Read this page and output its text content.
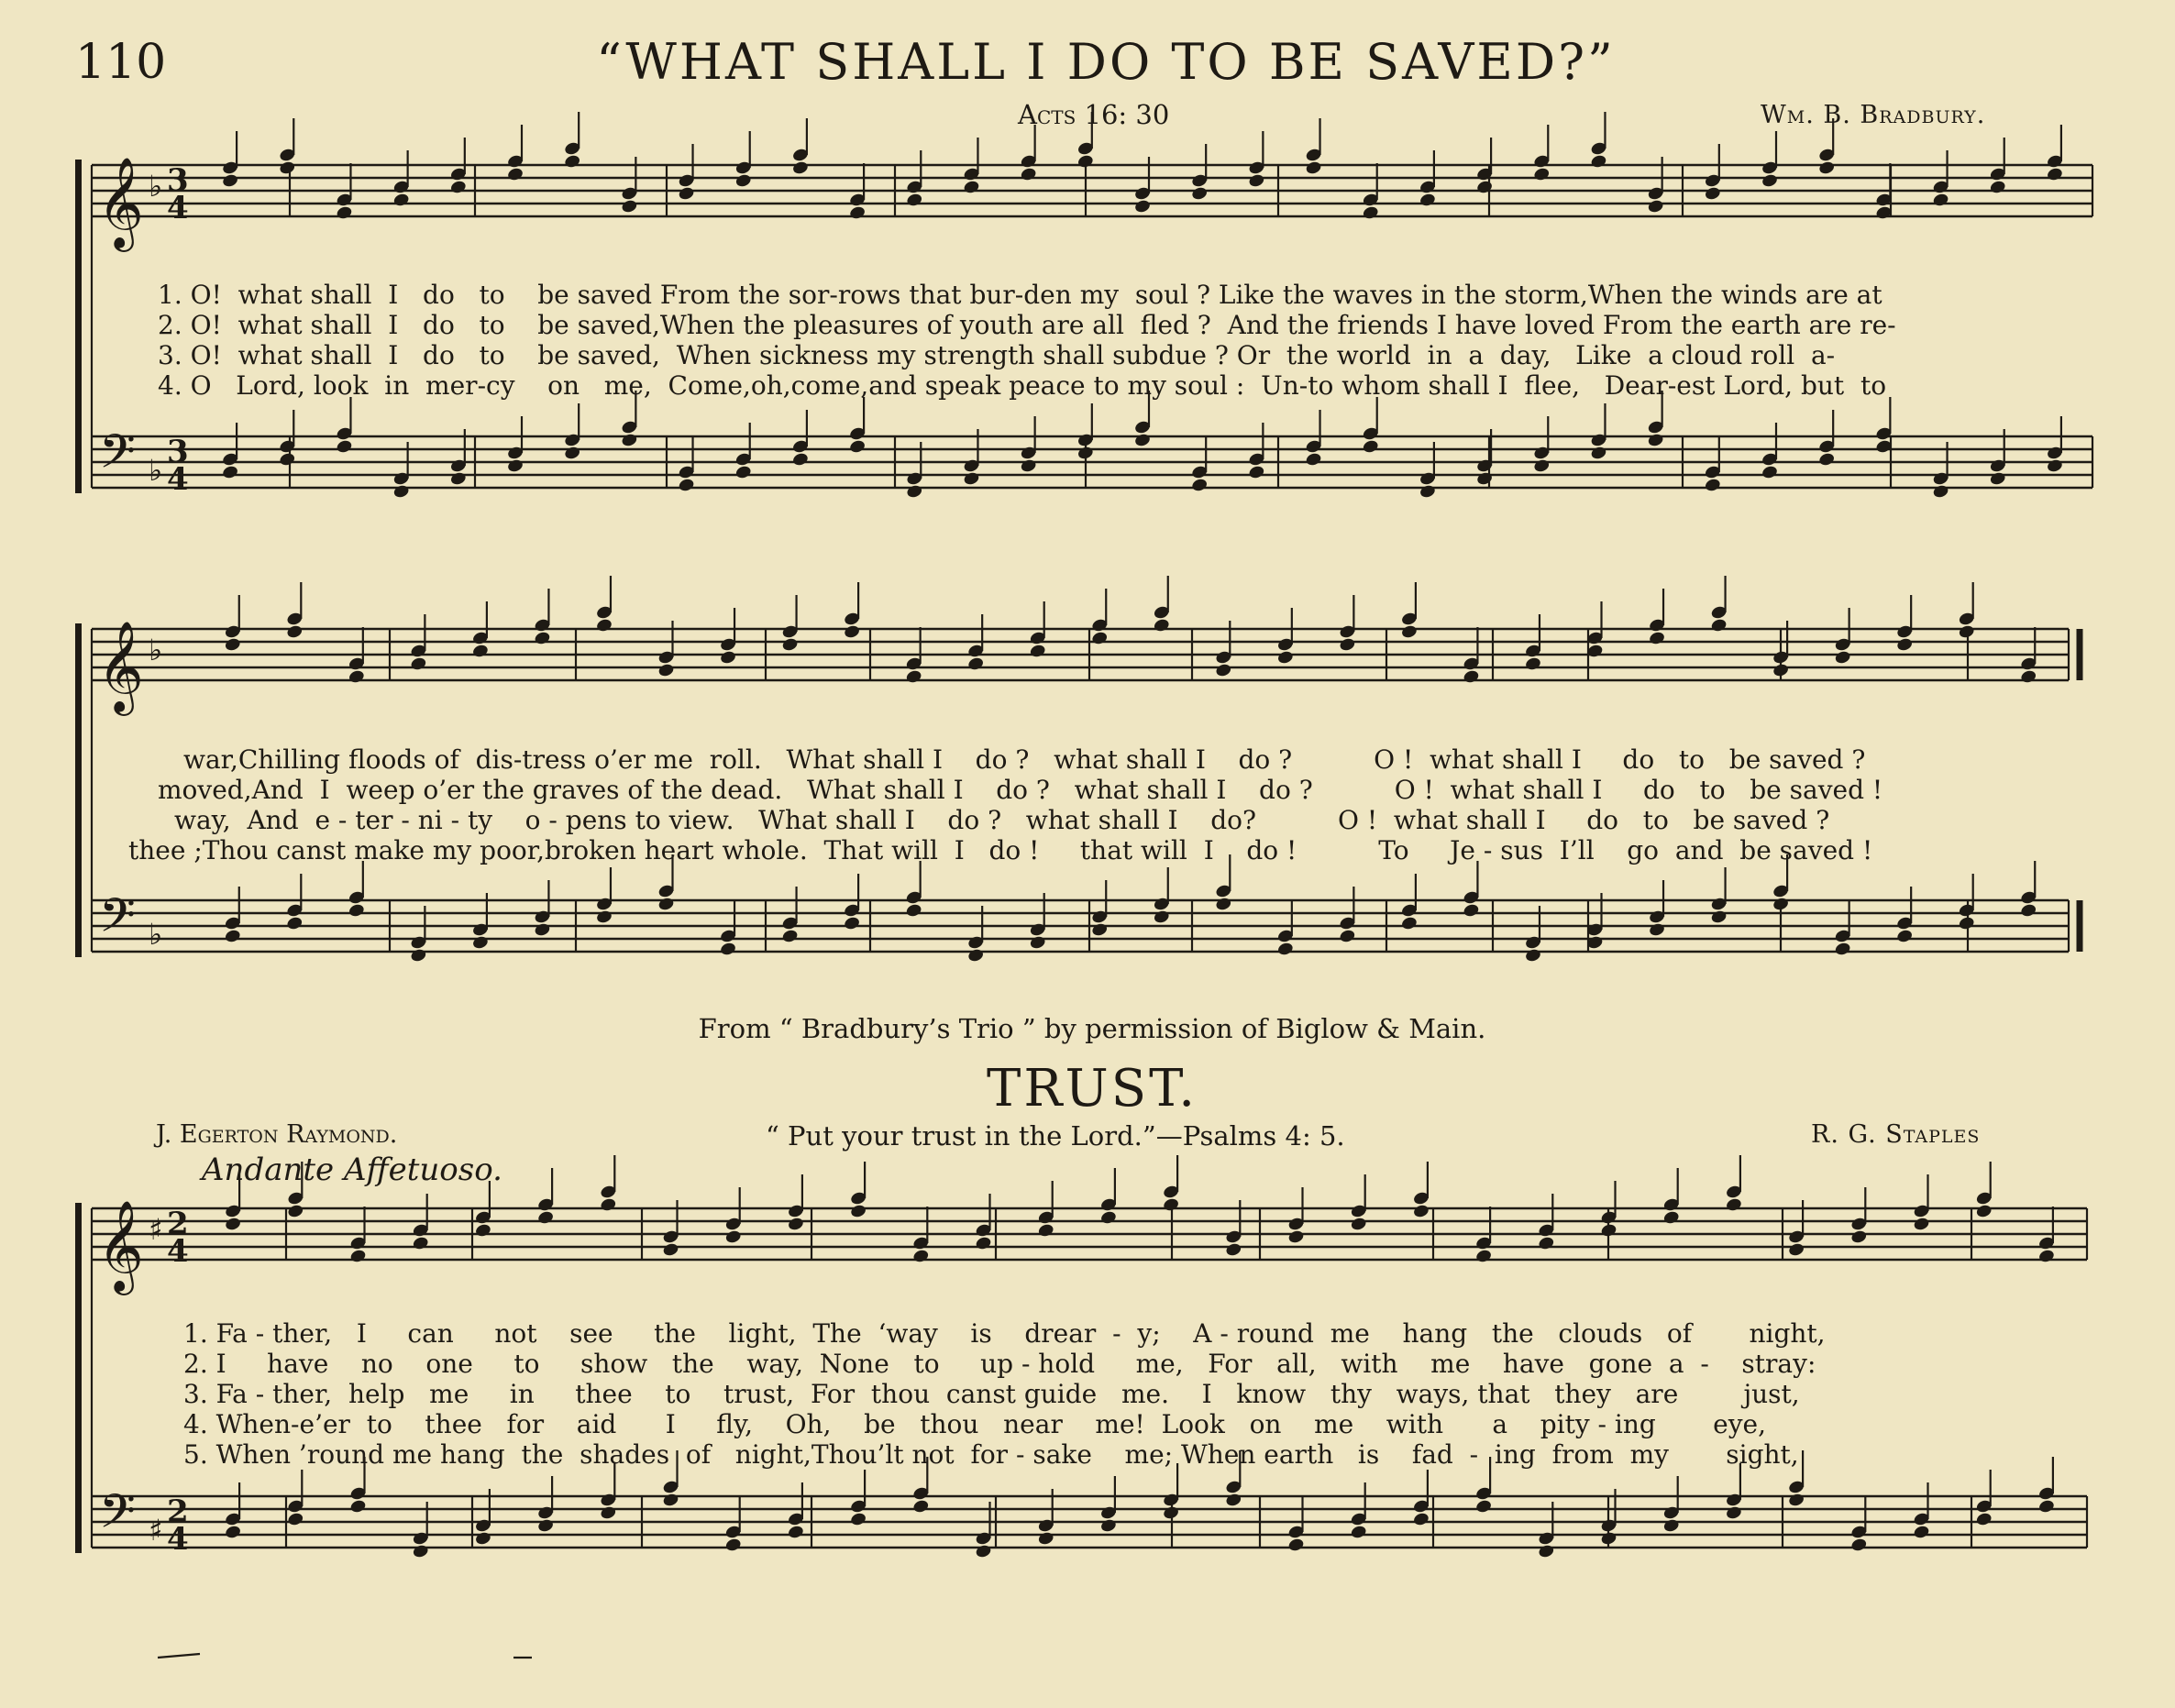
110	“WHAT SHALL I DO TO BE SAVED?”
Acts 16: 30	Wm. B. Bradbury.
𝄞
𝄢
♭
♭
3
4
3
4
𝄞
𝄢
♭
♭
𝄞
𝄢
♯
♯
2
4
2
4
1. O!  what shall  I   do   to    be saved From the sor-rows that bur-den my  soul ? Like the waves in the storm,When the winds are at
2. O!  what shall  I   do   to    be saved,When the pleasures of youth are all  fled ?  And the friends I have loved From the earth are re-
3. O!  what shall  I   do   to    be saved,  When sickness my strength shall subdue ? Or  the world  in  a  day,   Like  a cloud roll  a-
4. O   Lord, look  in  mer-cy    on   me,  Come,oh,come,and speak peace to my soul :  Un-to whom shall I  flee,   Dear-est Lord, but  to
war,Chilling floods of  dis-tress o’er me  roll.   What shall I    do ?   what shall I    do ?          O !  what shall I     do   to   be saved ?
moved,And  I  weep o’er the graves of the dead.   What shall I    do ?   what shall I    do ?          O !  what shall I     do   to   be saved !
way,  And  e - ter - ni - ty    o - pens to view.   What shall I    do ?   what shall I    do?          O !  what shall I     do   to   be saved ?
thee ;Thou canst make my poor,broken heart whole.  That will  I   do !     that will  I    do !          To     Je - sus  I’ll    go  and  be saved !
From “ Bradbury’s Trio ” by permission of Biglow & Main.
TRUST.
J. Egerton Raymond.	“ Put your trust in the Lord.”—Psalms 4: 5.	R. G. Staples
Andante Affetuoso.
1. Fa - ther,   I     can     not    see     the    light,  The  ‘way    is    drear  -  y;    A - round  me    hang   the   clouds   of       night,
2. I     have    no    one     to     show   the    way,  None   to     up - hold     me,   For   all,   with    me    have   gone  a  -    stray:
3. Fa - ther,  help   me     in     thee    to    trust,  For  thou  canst guide   me.    I   know   thy   ways, that   they   are        just,
4. When-e’er  to    thee   for    aid      I     fly,    Oh,    be   thou   near    me!  Look   on    me    with      a    pity - ing       eye,
5. When ’round me hang  the  shades  of   night,Thou’lt not  for - sake    me; When earth   is    fad  -  ing  from  my       sight,
